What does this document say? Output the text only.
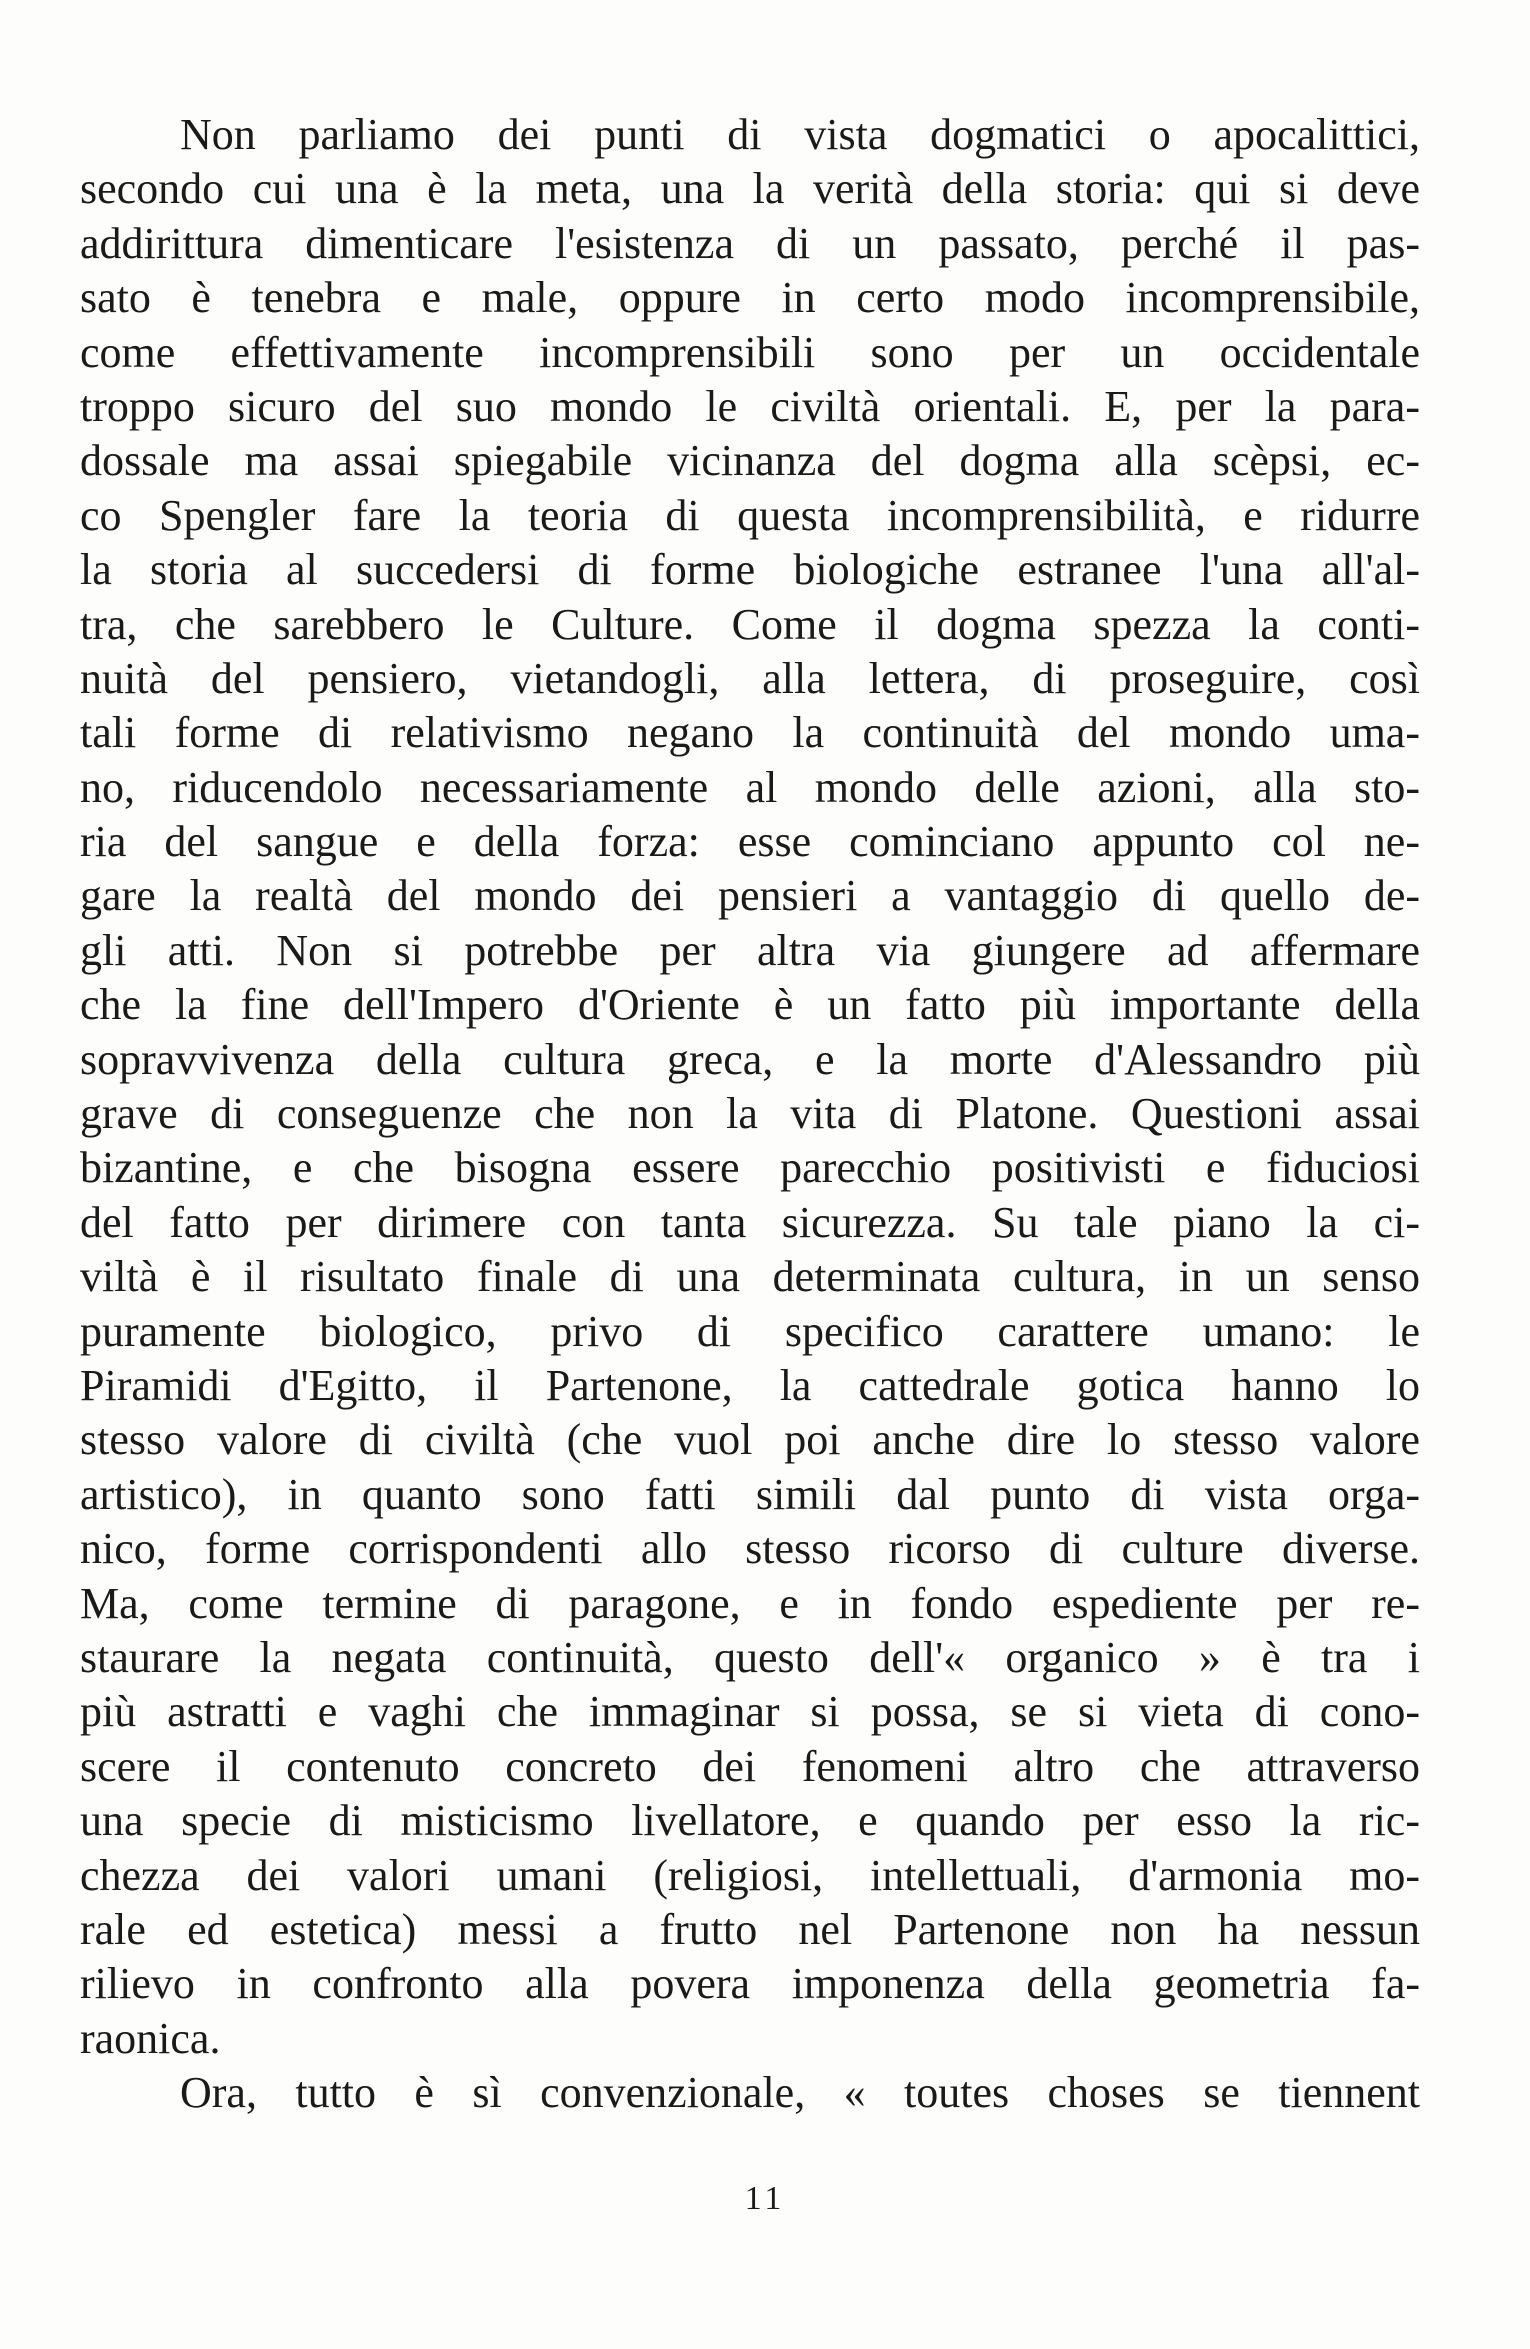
Non parliamo dei punti di vista dogmatici o apocalittici,
secondo cui una è la meta, una la verità della storia: qui si deve
addirittura dimenticare l'esistenza di un passato, perché il pas-
sato è tenebra e male, oppure in certo modo incomprensibile,
come effettivamente incomprensibili sono per un occidentale
troppo sicuro del suo mondo le civiltà orientali. E, per la para-
dossale ma assai spiegabile vicinanza del dogma alla scèpsi, ec-
co Spengler fare la teoria di questa incomprensibilità, e ridurre
la storia al succedersi di forme biologiche estranee l'una all'al-
tra, che sarebbero le Culture. Come il dogma spezza la conti-
nuità del pensiero, vietandogli, alla lettera, di proseguire, così
tali forme di relativismo negano la continuità del mondo uma-
no, riducendolo necessariamente al mondo delle azioni, alla sto-
ria del sangue e della forza: esse cominciano appunto col ne-
gare la realtà del mondo dei pensieri a vantaggio di quello de-
gli atti. Non si potrebbe per altra via giungere ad affermare
che la fine dell'Impero d'Oriente è un fatto più importante della
sopravvivenza della cultura greca, e la morte d'Alessandro più
grave di conseguenze che non la vita di Platone. Questioni assai
bizantine, e che bisogna essere parecchio positivisti e fiduciosi
del fatto per dirimere con tanta sicurezza. Su tale piano la ci-
viltà è il risultato finale di una determinata cultura, in un senso
puramente biologico, privo di specifico carattere umano: le
Piramidi d'Egitto, il Partenone, la cattedrale gotica hanno lo
stesso valore di civiltà (che vuol poi anche dire lo stesso valore
artistico), in quanto sono fatti simili dal punto di vista orga-
nico, forme corrispondenti allo stesso ricorso di culture diverse.
Ma, come termine di paragone, e in fondo espediente per re-
staurare la negata continuità, questo dell'« organico » è tra i
più astratti e vaghi che immaginar si possa, se si vieta di cono-
scere il contenuto concreto dei fenomeni altro che attraverso
una specie di misticismo livellatore, e quando per esso la ric-
chezza dei valori umani (religiosi, intellettuali, d'armonia mo-
rale ed estetica) messi a frutto nel Partenone non ha nessun
rilievo in confronto alla povera imponenza della geometria fa-
raonica.
Ora, tutto è sì convenzionale, « toutes choses se tiennent
11
